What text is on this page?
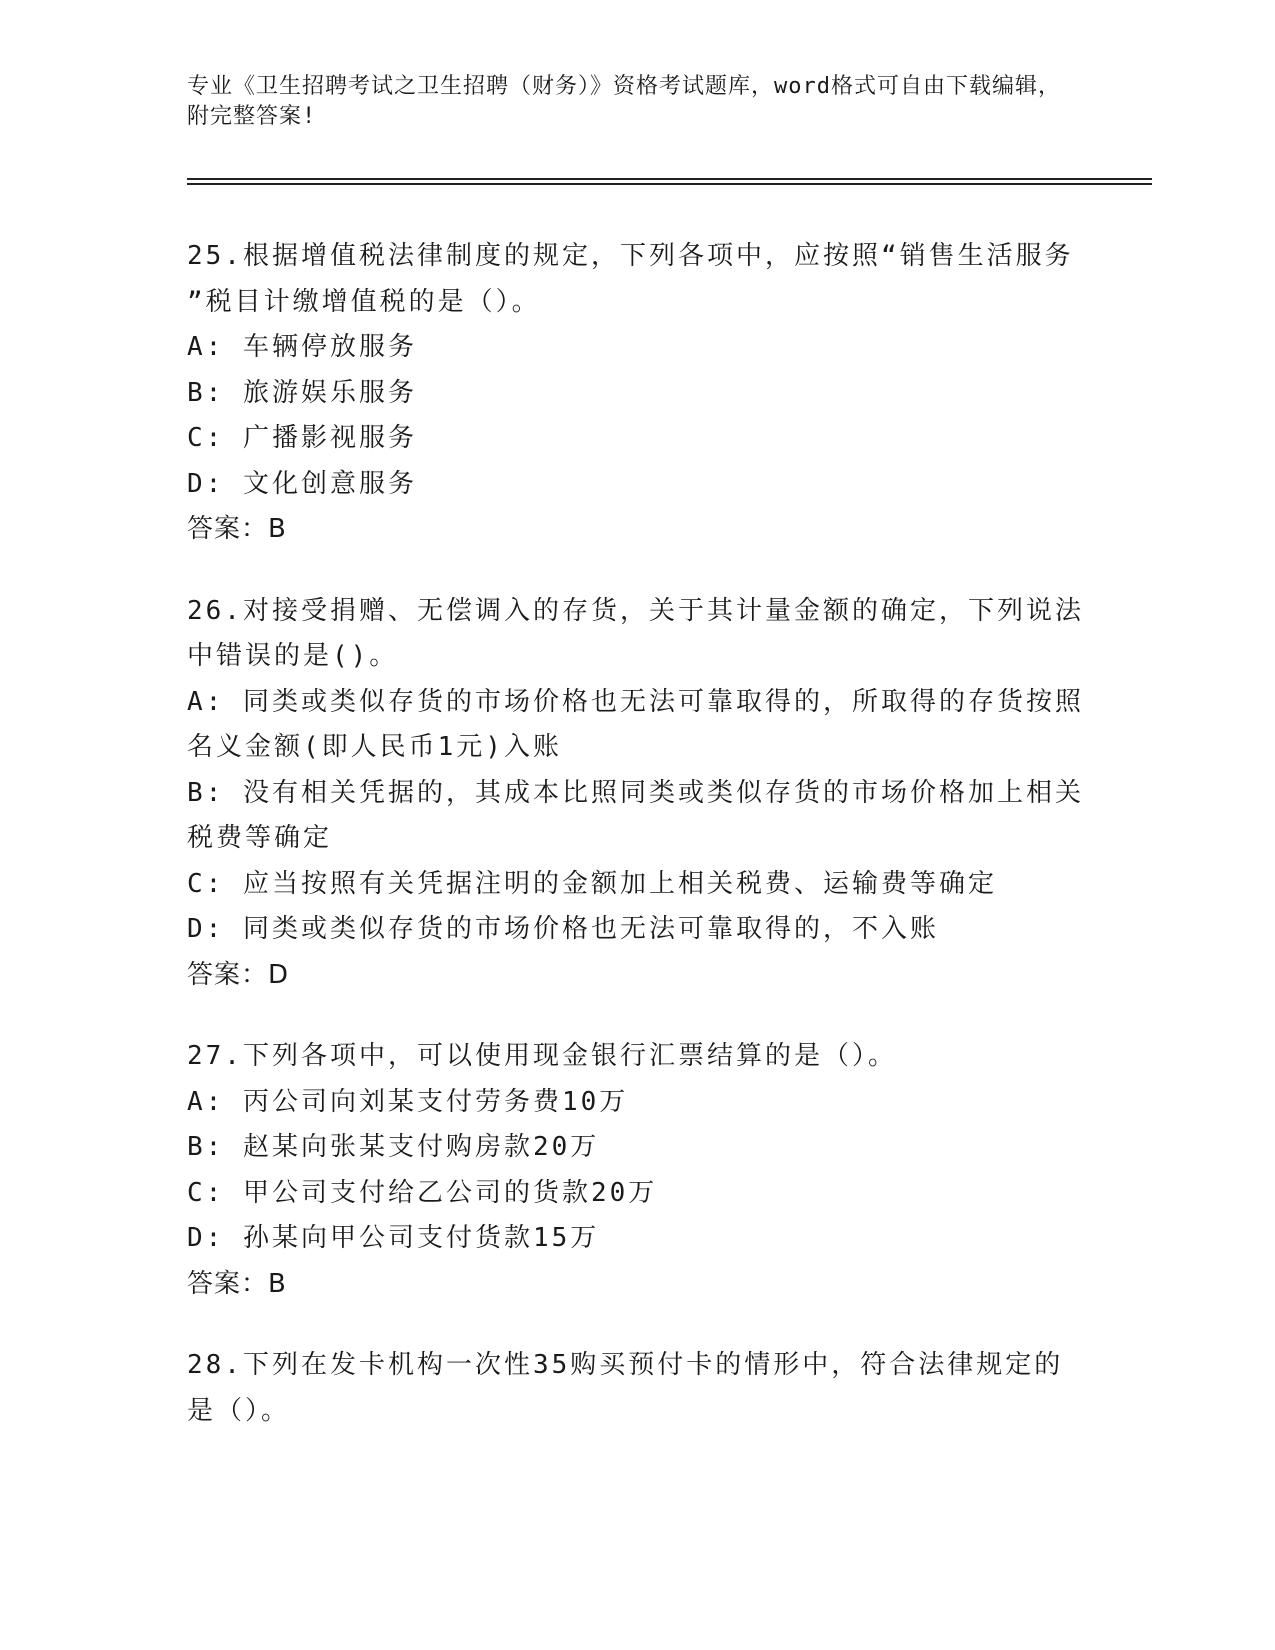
专业《卫生招聘考试之卫生招聘（财务）》资格考试题库，word格式可自由下载编辑，附完整答案!

25.根据增值税法律制度的规定，下列各项中，应按照“销售生活服务

”税目计缴增值税的是（）。

A: 车辆停放服务

B: 旅游娱乐服务

C: 广播影视服务

D: 文化创意服务

答案：B

26.对接受捐赠、无偿调入的存货，关于其计量金额的确定，下列说法

中错误的是()。

A: 同类或类似存货的市场价格也无法可靠取得的，所取得的存货按照

名义金额(即人民币1元)入账

B: 没有相关凭据的，其成本比照同类或类似存货的市场价格加上相关

税费等确定

C: 应当按照有关凭据注明的金额加上相关税费、运输费等确定

D: 同类或类似存货的市场价格也无法可靠取得的，不入账

答案：D

27.下列各项中，可以使用现金银行汇票结算的是（）。

A: 丙公司向刘某支付劳务费10万

B: 赵某向张某支付购房款20万

C: 甲公司支付给乙公司的货款20万

D: 孙某向甲公司支付货款15万

答案：B

28.下列在发卡机构一次性35购买预付卡的情形中，符合法律规定的

是（）。
